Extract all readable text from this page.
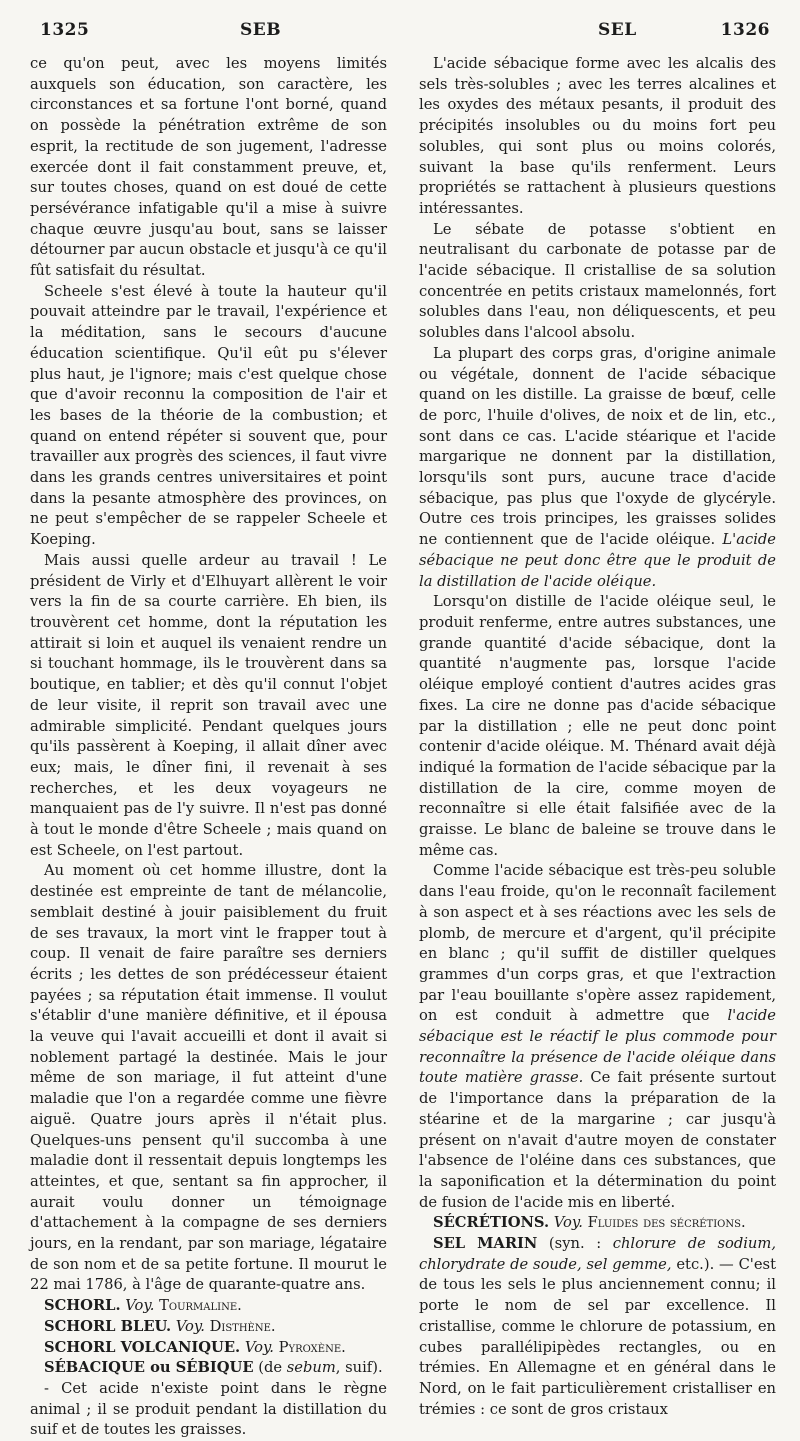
1325	SEB	SEL	1326

ce qu'on peut, avec les moyens limités auxquels son éducation, son caractère, les circonstances et sa fortune l'ont borné, quand on possède la pénétration extrême de son esprit, la rectitude de son jugement, l'adresse exercée dont il fait constamment preuve, et, sur toutes choses, quand on est doué de cette persévérance infatigable qu'il a mise à suivre chaque œuvre jusqu'au bout, sans se laisser détourner par aucun obstacle et jusqu'à ce qu'il fût satisfait du résultat.

Scheele s'est élevé à toute la hauteur qu'il pouvait atteindre par le travail, l'expérience et la méditation, sans le secours d'aucune éducation scientifique. Qu'il eût pu s'élever plus haut, je l'ignore; mais c'est quelque chose que d'avoir reconnu la composition de l'air et les bases de la théorie de la combustion; et quand on entend répéter si souvent que, pour travailler aux progrès des sciences, il faut vivre dans les grands centres universitaires et point dans la pesante atmosphère des provinces, on ne peut s'empêcher de se rappeler Scheele et Koeping.

Mais aussi quelle ardeur au travail ! Le président de Virly et d'Elhuyart allèrent le voir vers la fin de sa courte carrière. Eh bien, ils trouvèrent cet homme, dont la réputation les attirait si loin et auquel ils venaient rendre un si touchant hommage, ils le trouvèrent dans sa boutique, en tablier; et dès qu'il connut l'objet de leur visite, il reprit son travail avec une admirable simplicité. Pendant quelques jours qu'ils passèrent à Koeping, il allait dîner avec eux; mais, le dîner fini, il revenait à ses recherches, et les deux voyageurs ne manquaient pas de l'y suivre. Il n'est pas donné à tout le monde d'être Scheele ; mais quand on est Scheele, on l'est partout.

Au moment où cet homme illustre, dont la destinée est empreinte de tant de mélancolie, semblait destiné à jouir paisiblement du fruit de ses travaux, la mort vint le frapper tout à coup. Il venait de faire paraître ses derniers écrits ; les dettes de son prédécesseur étaient payées ; sa réputation était immense. Il voulut s'établir d'une manière définitive, et il épousa la veuve qui l'avait accueilli et dont il avait si noblement partagé la destinée. Mais le jour même de son mariage, il fut atteint d'une maladie que l'on a regardée comme une fièvre aiguë. Quatre jours après il n'était plus. Quelques-uns pensent qu'il succomba à une maladie dont il ressentait depuis longtemps les atteintes, et que, sentant sa fin approcher, il aurait voulu donner un témoignage d'attachement à la compagne de ses derniers jours, en la rendant, par son mariage, légataire de son nom et de sa petite fortune. Il mourut le 22 mai 1786, à l'âge de quarante-quatre ans.

SCHORL. Voy. Tourmaline.

SCHORL BLEU. Voy. Disthène.

SCHORL VOLCANIQUE. Voy. Pyroxène.

SÉBACIQUE ou SÉBIQUE (de sebum, suif).

- Cet acide n'existe point dans le règne animal ; il se produit pendant la distillation du suif et de toutes les graisses.

L'acide sébacique forme avec les alcalis des sels très-solubles ; avec les terres alcalines et les oxydes des métaux pesants, il produit des précipités insolubles ou du moins fort peu solubles, qui sont plus ou moins colorés, suivant la base qu'ils renferment. Leurs propriétés se rattachent à plusieurs questions intéressantes.

Le sébate de potasse s'obtient en neutralisant du carbonate de potasse par de l'acide sébacique. Il cristallise de sa solution concentrée en petits cristaux mamelonnés, fort solubles dans l'eau, non déliquescents, et peu solubles dans l'alcool absolu.

La plupart des corps gras, d'origine animale ou végétale, donnent de l'acide sébacique quand on les distille. La graisse de bœuf, celle de porc, l'huile d'olives, de noix et de lin, etc., sont dans ce cas. L'acide stéarique et l'acide margarique ne donnent par la distillation, lorsqu'ils sont purs, aucune trace d'acide sébacique, pas plus que l'oxyde de glycéryle. Outre ces trois principes, les graisses solides ne contiennent que de l'acide oléique. L'acide sébacique ne peut donc être que le produit de la distillation de l'acide oléique.

Lorsqu'on distille de l'acide oléique seul, le produit renferme, entre autres substances, une grande quantité d'acide sébacique, dont la quantité n'augmente pas, lorsque l'acide oléique employé contient d'autres acides gras fixes. La cire ne donne pas d'acide sébacique par la distillation ; elle ne peut donc point contenir d'acide oléique. M. Thénard avait déjà indiqué la formation de l'acide sébacique par la distillation de la cire, comme moyen de reconnaître si elle était falsifiée avec de la graisse. Le blanc de baleine se trouve dans le même cas.

Comme l'acide sébacique est très-peu soluble dans l'eau froide, qu'on le reconnaît facilement à son aspect et à ses réactions avec les sels de plomb, de mercure et d'argent, qu'il précipite en blanc ; qu'il suffit de distiller quelques grammes d'un corps gras, et que l'extraction par l'eau bouillante s'opère assez rapidement, on est conduit à admettre que l'acide sébacique est le réactif le plus commode pour reconnaître la présence de l'acide oléique dans toute matière grasse. Ce fait présente surtout de l'importance dans la préparation de la stéarine et de la margarine ; car jusqu'à présent on n'avait d'autre moyen de constater l'absence de l'oléine dans ces substances, que la saponification et la détermination du point de fusion de l'acide mis en liberté.

SÉCRÉTIONS. Voy. Fluides des sécrétions.

SEL MARIN (syn. : chlorure de sodium, chlorydrate de soude, sel gemme, etc.). — C'est de tous les sels le plus anciennement connu; il porte le nom de sel par excellence. Il cristallise, comme le chlorure de potassium, en cubes parallélipipèdes rectangles, ou en trémies. En Allemagne et en général dans le Nord, on le fait particulièrement cristalliser en trémies : ce sont de gros cristaux
